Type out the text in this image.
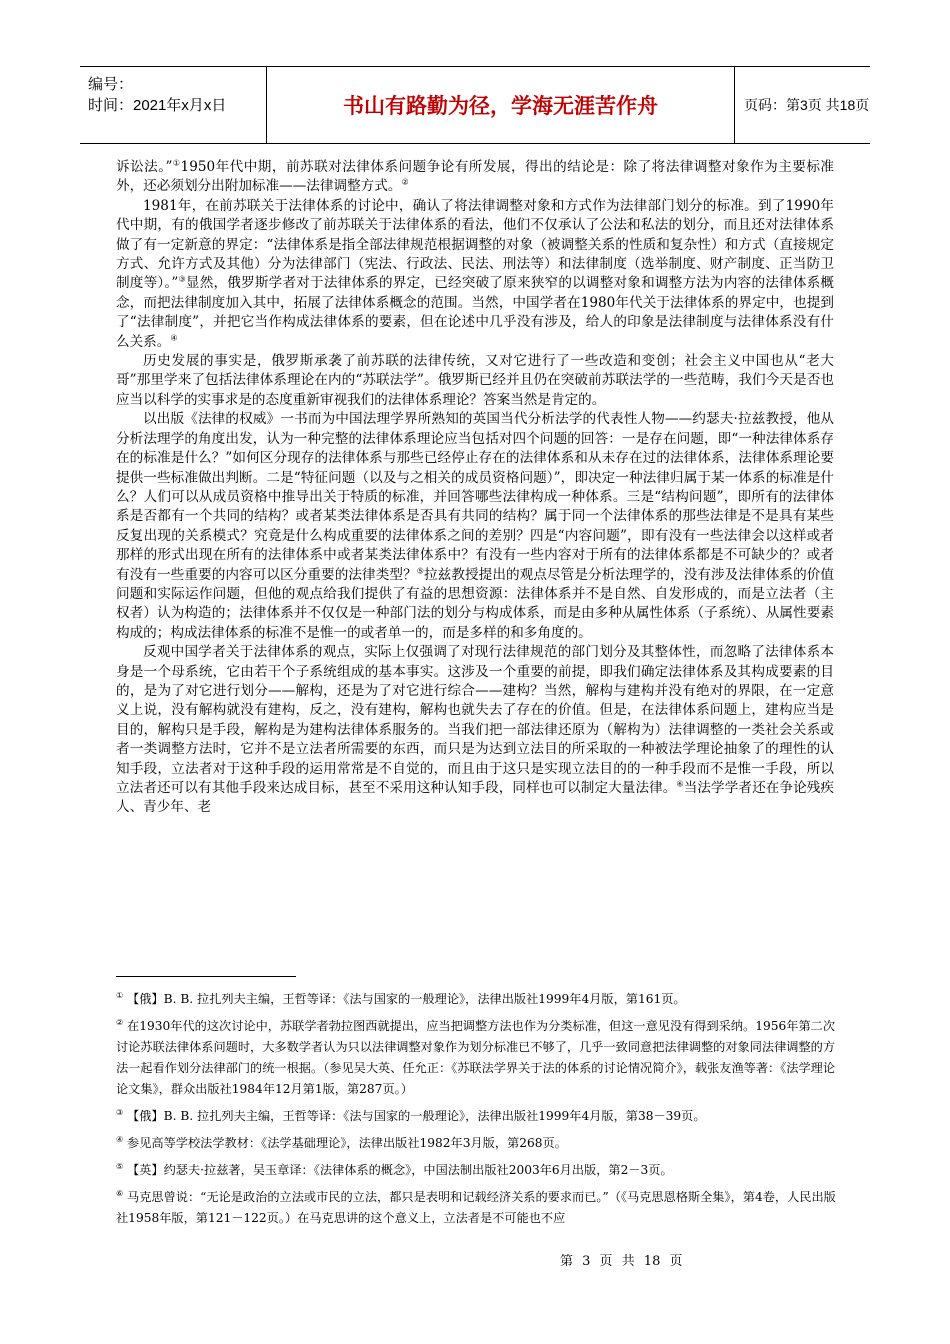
编号：
时间：2021年x月x日	书山有路勤为径，学海无涯苦作舟	页码：第3页 共18页

诉讼法。”①1950年代中期，前苏联对法律体系问题争论有所发展，得出的结论是：除了将法律调整对象作为主要标准外，还必须划分出附加标准——法律调整方式。②

1981年，在前苏联关于法律体系的讨论中，确认了将法律调整对象和方式作为法律部门划分的标准。到了1990年代中期，有的俄国学者逐步修改了前苏联关于法律体系的看法，他们不仅承认了公法和私法的划分，而且还对法律体系做了有一定新意的界定：“法律体系是指全部法律规范根据调整的对象（被调整关系的性质和复杂性）和方式（直接规定方式、允许方式及其他）分为法律部门（宪法、行政法、民法、刑法等）和法律制度（选举制度、财产制度、正当防卫制度等）。”③显然，俄罗斯学者对于法律体系的界定，已经突破了原来狭窄的以调整对象和调整方法为内容的法律体系概念，而把法律制度加入其中，拓展了法律体系概念的范围。当然，中国学者在1980年代关于法律体系的界定中，也提到了“法律制度”，并把它当作构成法律体系的要素，但在论述中几乎没有涉及，给人的印象是法律制度与法律体系没有什么关系。④

历史发展的事实是，俄罗斯承袭了前苏联的法律传统，又对它进行了一些改造和变创；社会主义中国也从“老大哥”那里学来了包括法律体系理论在内的“苏联法学”。俄罗斯已经并且仍在突破前苏联法学的一些范畴，我们今天是否也应当以科学的实事求是的态度重新审视我们的法律体系理论？答案当然是肯定的。

以出版《法律的权威》一书而为中国法理学界所熟知的英国当代分析法学的代表性人物——约瑟夫·拉兹教授，他从分析法理学的角度出发，认为一种完整的法律体系理论应当包括对四个问题的回答：一是存在问题，即“一种法律体系存在的标准是什么？”如何区分现存的法律体系与那些已经停止存在的法律体系和从未存在过的法律体系，法律体系理论要提供一些标准做出判断。二是“特征问题（以及与之相关的成员资格问题）”，即决定一种法律归属于某一体系的标准是什么？人们可以从成员资格中推导出关于特质的标准，并回答哪些法律构成一种体系。三是“结构问题”，即所有的法律体系是否都有一个共同的结构？或者某类法律体系是否具有共同的结构？属于同一个法律体系的那些法律是不是具有某些反复出现的关系模式？究竟是什么构成重要的法律体系之间的差别？四是“内容问题”，即有没有一些法律会以这样或者那样的形式出现在所有的法律体系中或者某类法律体系中？有没有一些内容对于所有的法律体系都是不可缺少的？或者有没有一些重要的内容可以区分重要的法律类型？⑤拉兹教授提出的观点尽管是分析法理学的，没有涉及法律体系的价值问题和实际运作问题，但他的观点给我们提供了有益的思想资源：法律体系并不是自然、自发形成的，而是立法者（主权者）认为构造的；法律体系并不仅仅是一种部门法的划分与构成体系，而是由多种从属性体系（子系统）、从属性要素构成的；构成法律体系的标准不是惟一的或者单一的，而是多样的和多角度的。

反观中国学者关于法律体系的观点，实际上仅强调了对现行法律规范的部门划分及其整体性，而忽略了法律体系本身是一个母系统，它由若干个子系统组成的基本事实。这涉及一个重要的前提，即我们确定法律体系及其构成要素的目的，是为了对它进行划分——解构，还是为了对它进行综合——建构？当然，解构与建构并没有绝对的界限，在一定意义上说，没有解构就没有建构，反之，没有建构，解构也就失去了存在的价值。但是，在法律体系问题上，建构应当是目的，解构只是手段，解构是为建构法律体系服务的。当我们把一部法律还原为（解构为）法律调整的一类社会关系或者一类调整方法时，它并不是立法者所需要的东西，而只是为达到立法目的所采取的一种被法学理论抽象了的理性的认知手段，立法者对于这种手段的运用常常是不自觉的，而且由于这只是实现立法目的的一种手段而不是惟一手段，所以立法者还可以有其他手段来达成目标，甚至不采用这种认知手段，同样也可以制定大量法律。⑥当法学学者还在争论残疾人、青少年、老

① 【俄】B. B. 拉扎列夫主编，王哲等译：《法与国家的一般理论》，法律出版社1999年4月版，第161页。
② 在1930年代的这次讨论中，苏联学者勃拉图西就提出，应当把调整方法也作为分类标准，但这一意见没有得到采纳。1956年第二次讨论苏联法律体系问题时，大多数学者认为只以法律调整对象作为划分标准已不够了，几乎一致同意把法律调整的对象同法律调整的方法一起看作划分法律部门的统一根据。（参见吴大英、任允正：《苏联法学界关于法的体系的讨论情况简介》，载张友渔等著：《法学理论论文集》，群众出版社1984年12月第1版，第287页。）
③ 【俄】B. B. 拉扎列夫主编，王哲等译：《法与国家的一般理论》，法律出版社1999年4月版，第38－39页。
④ 参见高等学校法学教材：《法学基础理论》，法律出版社1982年3月版，第268页。
⑤ 【英】约瑟夫·拉兹著，吴玉章译：《法律体系的概念》，中国法制出版社2003年6月出版，第2－3页。
⑥ 马克思曾说：“无论是政治的立法或市民的立法，都只是表明和记载经济关系的要求而已。”（《马克思恩格斯全集》，第4卷，人民出版社1958年版，第121－122页。）在马克思讲的这个意义上，立法者是不可能也不应
第 3 页 共 18 页
